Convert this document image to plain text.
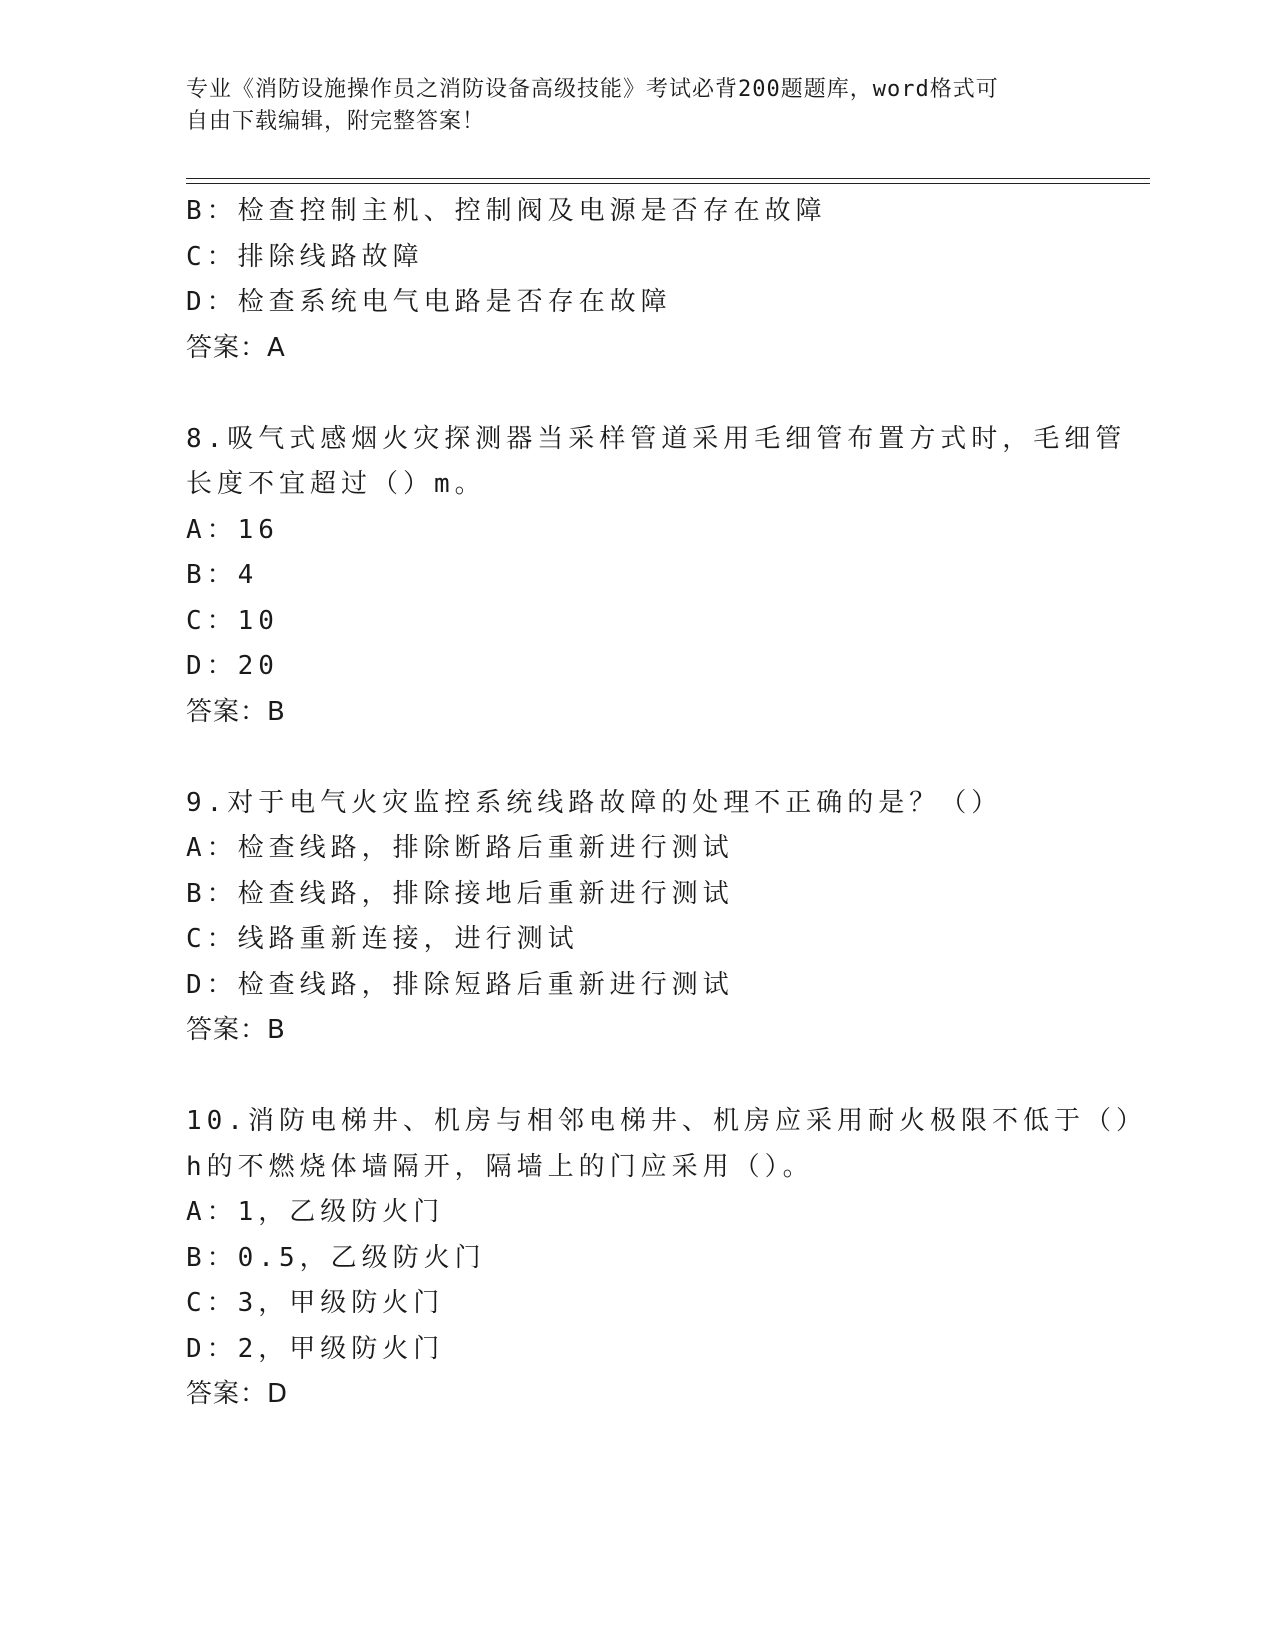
专业《消防设施操作员之消防设备高级技能》考试必背200题题库，word格式可
自由下载编辑，附完整答案！
B：检查控制主机、控制阀及电源是否存在故障
C：排除线路故障
D：检查系统电气电路是否存在故障
答案：A
8.吸气式感烟火灾探测器当采样管道采用毛细管布置方式时，毛细管
长度不宜超过（）m。
A：16
B：4
C：10
D：20
答案：B
9.对于电气火灾监控系统线路故障的处理不正确的是？（）
A：检查线路，排除断路后重新进行测试
B：检查线路，排除接地后重新进行测试
C：线路重新连接，进行测试
D：检查线路，排除短路后重新进行测试
答案：B
10.消防电梯井、机房与相邻电梯井、机房应采用耐火极限不低于（）
h的不燃烧体墙隔开，隔墙上的门应采用（）。
A：1，乙级防火门
B：0.5，乙级防火门
C：3，甲级防火门
D：2，甲级防火门
答案：D
